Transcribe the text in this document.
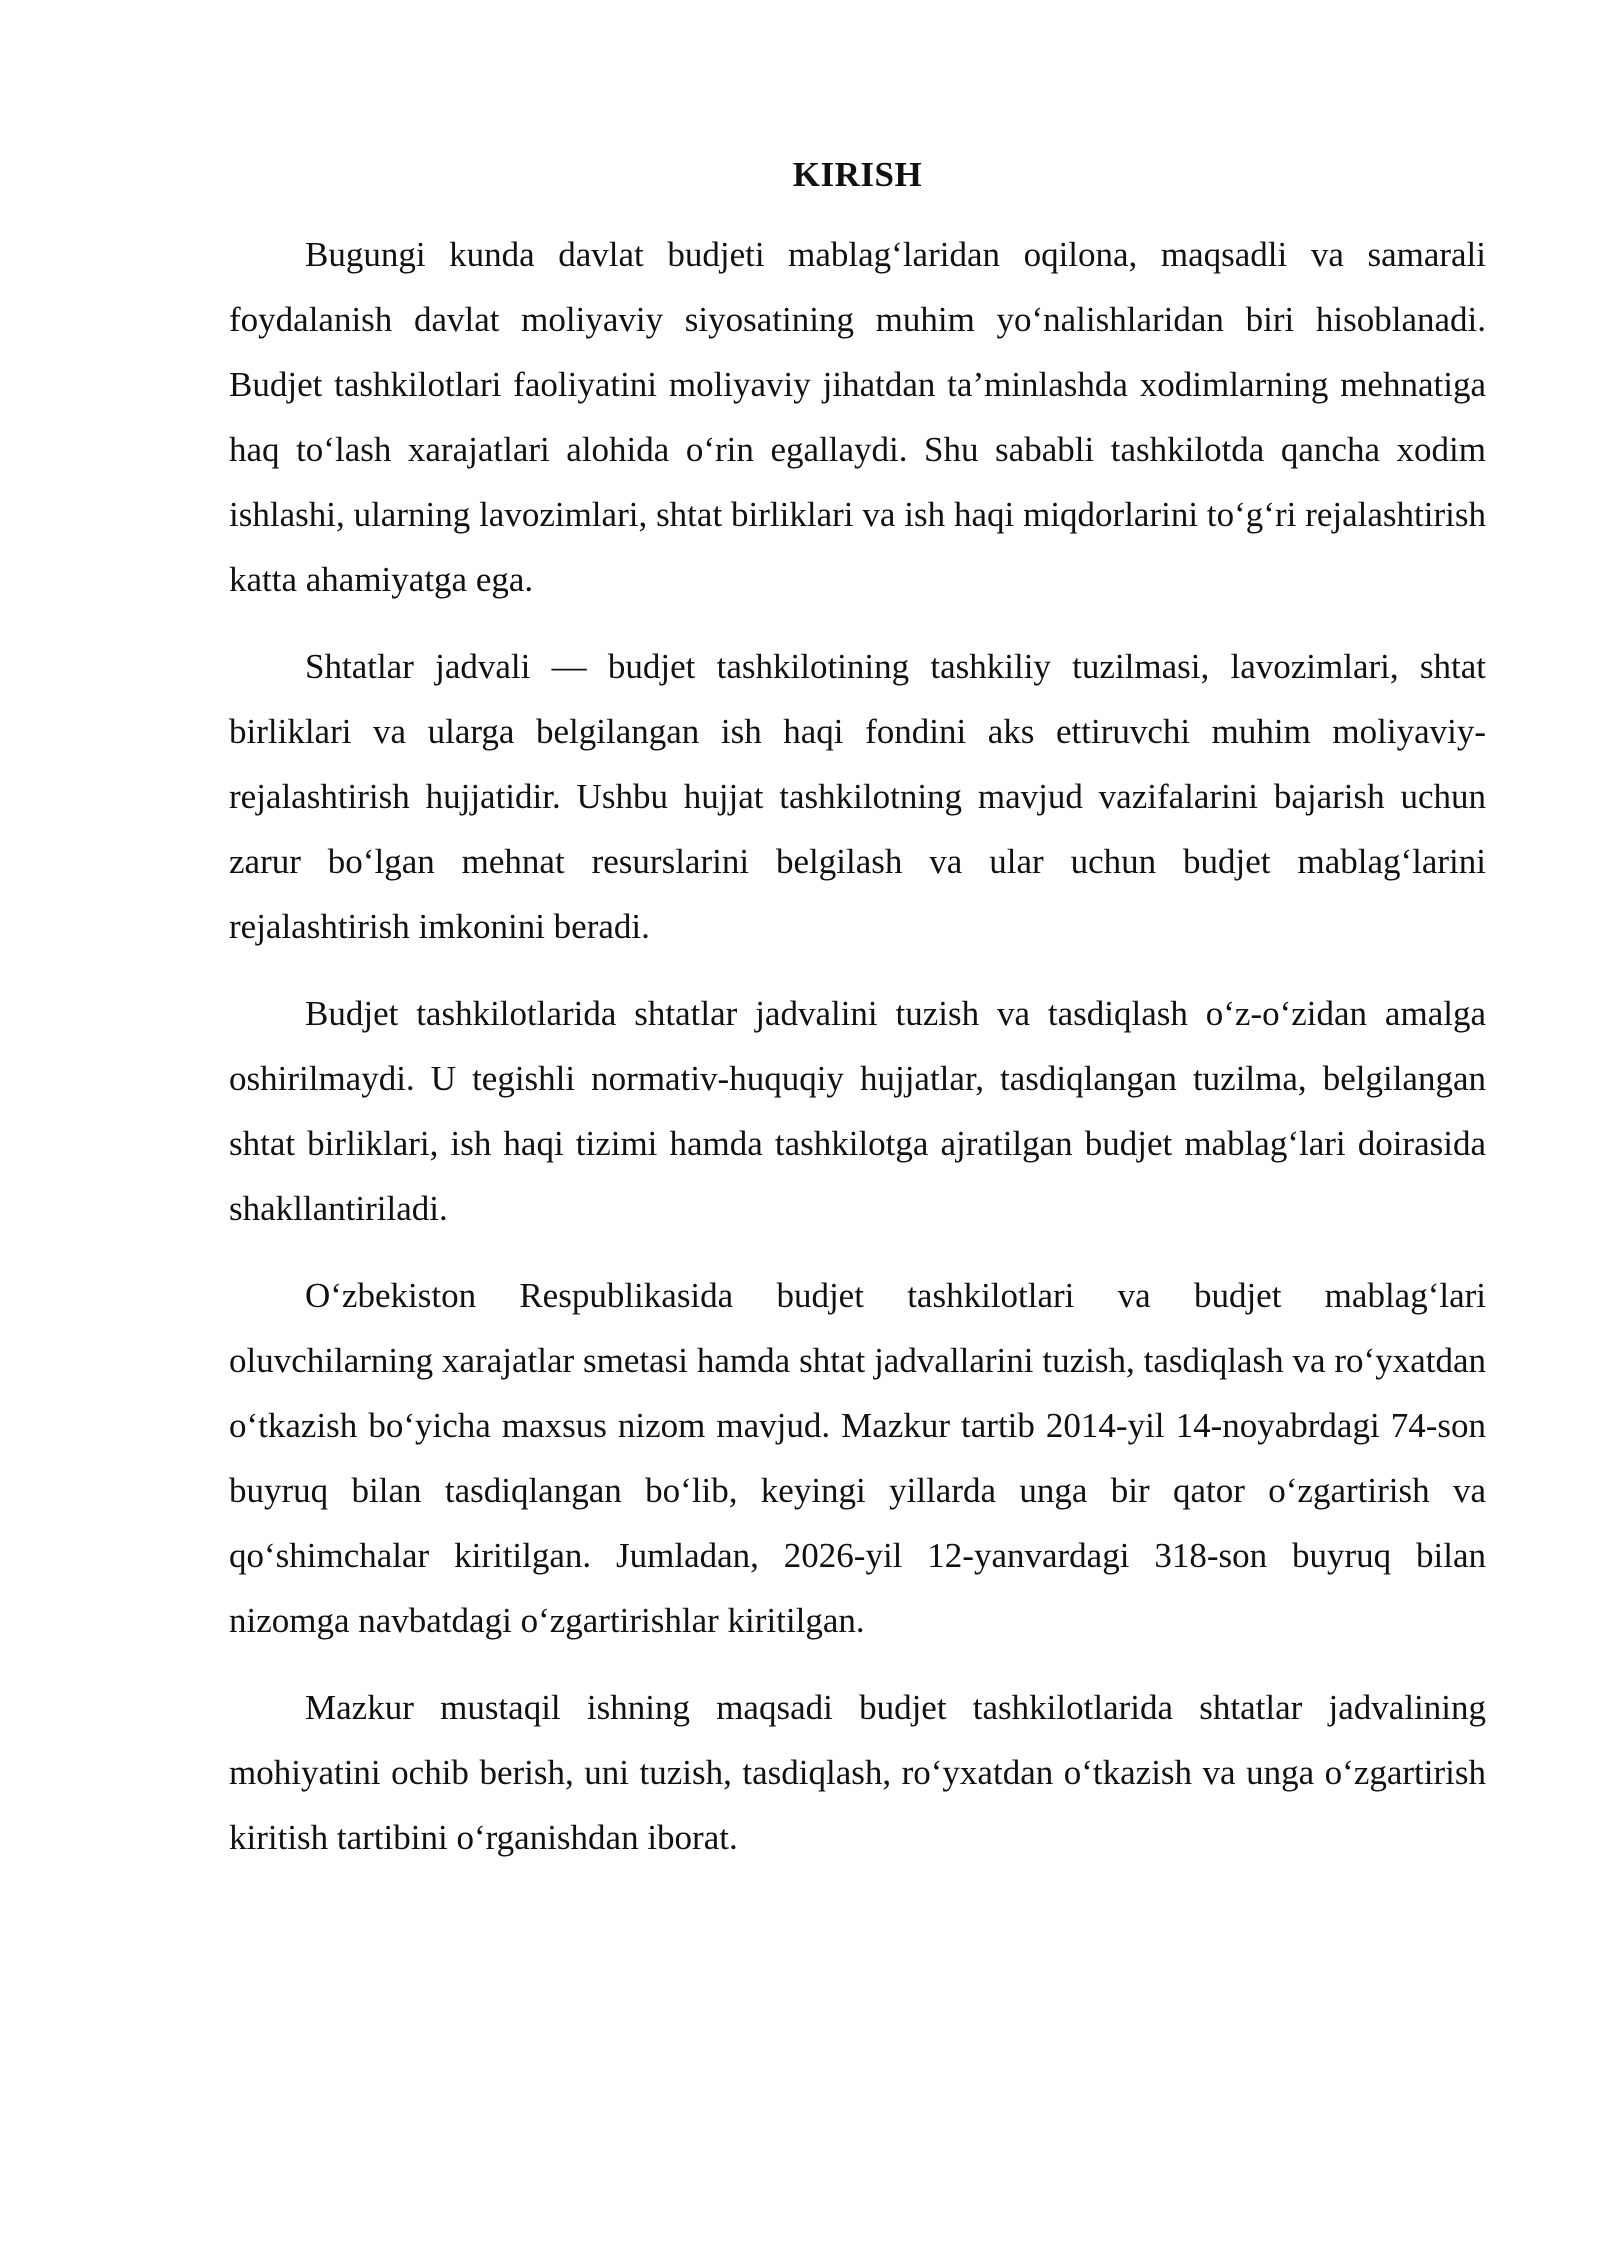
KIRISH

Bugungi kunda davlat budjeti mablag‘laridan oqilona, maqsadli va samarali foydalanish davlat moliyaviy siyosatining muhim yo‘nalishlaridan biri hisoblanadi. Budjet tashkilotlari faoliyatini moliyaviy jihatdan ta’minlashda xodimlarning mehnatiga haq to‘lash xarajatlari alohida o‘rin egallaydi. Shu sababli tashkilotda qancha xodim ishlashi, ularning lavozimlari, shtat birliklari va ish haqi miqdorlarini to‘g‘ri rejalashtirish katta ahamiyatga ega.

Shtatlar jadvali — budjet tashkilotining tashkiliy tuzilmasi, lavozimlari, shtat birliklari va ularga belgilangan ish haqi fondini aks ettiruvchi muhim moliyaviy-rejalashtirish hujjatidir. Ushbu hujjat tashkilotning mavjud vazifalarini bajarish uchun zarur bo‘lgan mehnat resurslarini belgilash va ular uchun budjet mablag‘larini rejalashtirish imkonini beradi.

Budjet tashkilotlarida shtatlar jadvalini tuzish va tasdiqlash o‘z-o‘zidan amalga oshirilmaydi. U tegishli normativ-huquqiy hujjatlar, tasdiqlangan tuzilma, belgilangan shtat birliklari, ish haqi tizimi hamda tashkilotga ajratilgan budjet mablag‘lari doirasida shakllantiriladi.

O‘zbekiston Respublikasida budjet tashkilotlari va budjet mablag‘lari oluvchilarning xarajatlar smetasi hamda shtat jadvallarini tuzish, tasdiqlash va ro‘yxatdan o‘tkazish bo‘yicha maxsus nizom mavjud. Mazkur tartib 2014-yil 14-noyabrdagi 74-son buyruq bilan tasdiqlangan bo‘lib, keyingi yillarda unga bir qator o‘zgartirish va qo‘shimchalar kiritilgan. Jumladan, 2026-yil 12-yanvardagi 318-son buyruq bilan nizomga navbatdagi o‘zgartirishlar kiritilgan.

Mazkur mustaqil ishning maqsadi budjet tashkilotlarida shtatlar jadvalining mohiyatini ochib berish, uni tuzish, tasdiqlash, ro‘yxatdan o‘tkazish va unga o‘zgartirish kiritish tartibini o‘rganishdan iborat.
